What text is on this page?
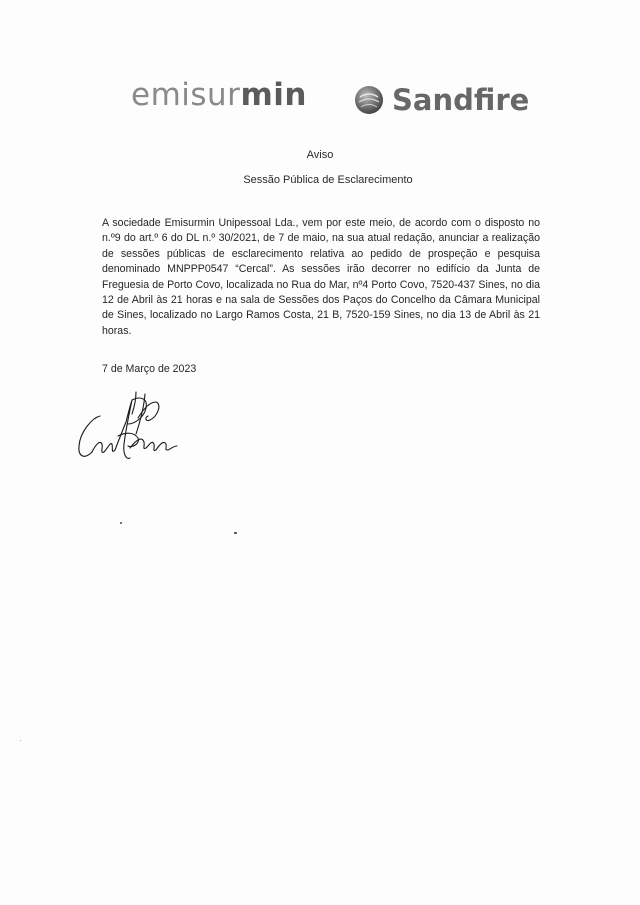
emisurmin	Sandfire
Aviso
Sessão Pública de Esclarecimento
A sociedade Emisurmin Unipessoal Lda., vem por este meio, de acordo com o disposto no n.º9 do art.º 6 do DL n.º 30/2021, de 7 de maio, na sua atual redação, anunciar a realização de sessões públicas de esclarecimento relativa ao pedido de prospeção e pesquisa denominado MNPPP0547 “Cercal”. As sessões irão decorrer no edifício da Junta de Freguesia de Porto Covo, localizada no Rua do Mar, nº4 Porto Covo, 7520-437 Sines, no dia 12 de Abril às 21 horas e na sala de Sessões dos Paços do Concelho da Câmara Municipal de Sines, localizado no Largo Ramos Costa, 21 B, 7520-159 Sines, no dia 13 de Abril às 21 horas.
7 de Março de 2023
